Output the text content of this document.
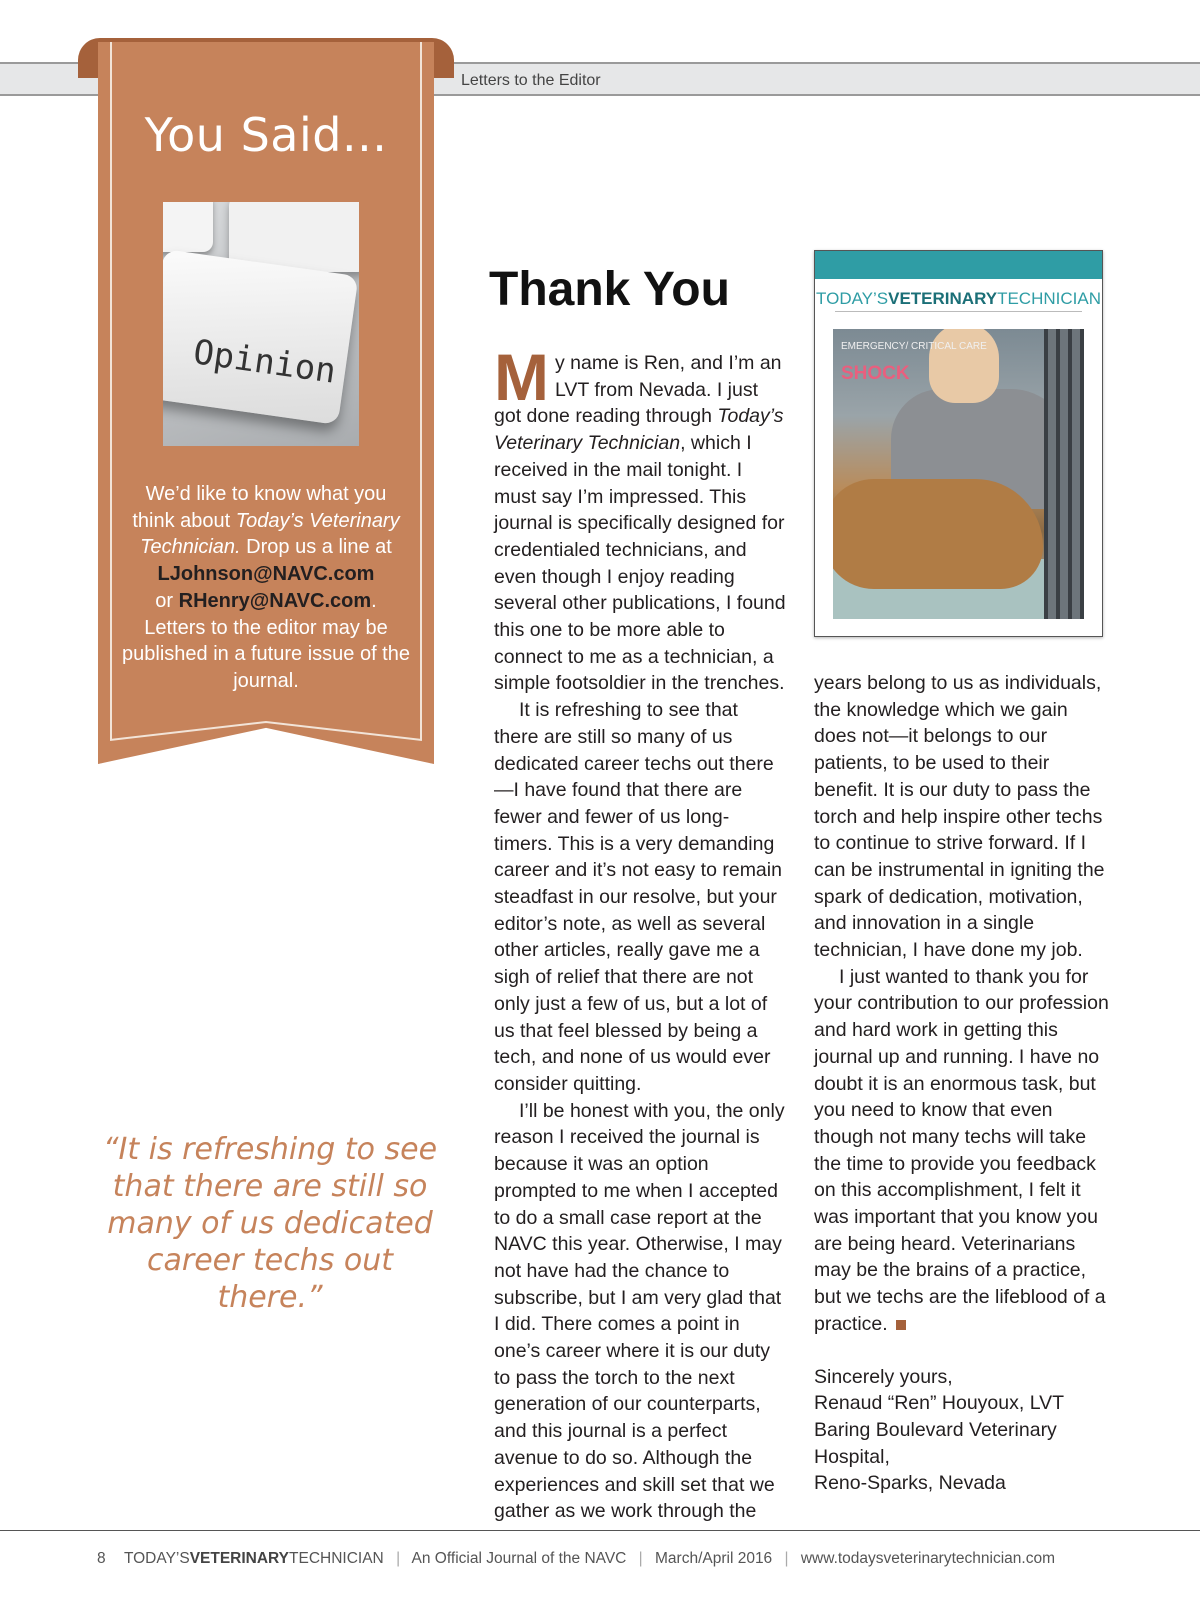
Letters to the Editor
You Said...
Opinion
We’d like to know what you think about Today’s Veterinary Technician. Drop us a line at
LJohnson@NAVC.com
or RHenry@NAVC.com.
Letters to the editor may be published in a future issue of the journal.
“It is refreshing to see that there are still so many of us dedicated career techs out there.”
Thank You

My name is Ren, and I’m an LVT from Nevada. I just got done reading through Today’s Veterinary Technician, which I received in the mail tonight. I must say I’m impressed. This journal is specifically designed for credentialed technicians, and even though I enjoy reading several other publications, I found this one to be more able to connect to me as a technician, a simple footsoldier in the trenches.

It is refreshing to see that there are still so many of us dedicated career techs out there—I have found that there are fewer and fewer of us long-timers. This is a very demanding career and it’s not easy to remain steadfast in our resolve, but your editor’s note, as well as several other articles, really gave me a sigh of relief that there are not only just a few of us, but a lot of us that feel blessed by being a tech, and none of us would ever consider quitting.

I’ll be honest with you, the only reason I received the journal is because it was an option prompted to me when I accepted to do a small case report at the NAVC this year. Otherwise, I may not have had the chance to subscribe, but I am very glad that I did. There comes a point in one’s career where it is our duty to pass the torch to the next generation of our counterparts, and this journal is a perfect avenue to do so. Although the experiences and skill set that we gather as we work through the

TODAY’SVETERINARYTECHNICIAN
EMERGENCY/ CRITICAL CARE
SHOCK

years belong to us as individuals, the knowledge which we gain does not—it belongs to our patients, to be used to their benefit. It is our duty to pass the torch and help inspire other techs to continue to strive forward. If I can be instrumental in igniting the spark of dedication, motivation, and innovation in a single technician, I have done my job.

I just wanted to thank you for your contribution to our profession and hard work in getting this journal up and running. I have no doubt it is an enormous task, but you need to know that even though not many techs will take the time to provide you feedback on this accomplishment, I felt it was important that you know you are being heard. Veterinarians may be the brains of a practice, but we techs are the lifeblood of a practice.

Sincerely yours,

Renaud “Ren” Houyoux, LVT

Baring Boulevard Veterinary Hospital,

Reno-Sparks, Nevada

8 TODAY’SVETERINARYTECHNICIAN | An Official Journal of the NAVC | March/April 2016 | www.todaysveterinarytechnician.com
